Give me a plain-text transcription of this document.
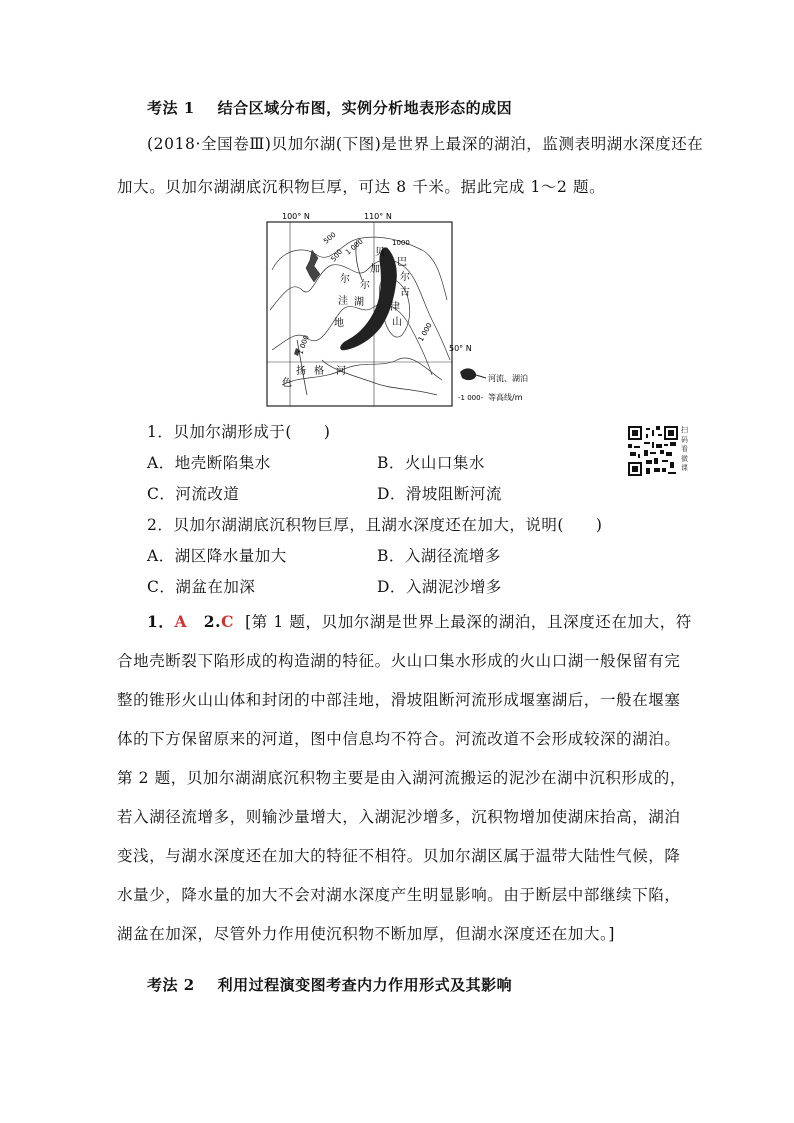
考法 1 结合区域分布图，实例分析地表形态的成因
(2018·全国卷Ⅲ)贝加尔湖(下图)是世界上最深的湖泊，监测表明湖水深度还在
加大。贝加尔湖湖底沉积物巨厚，可达 8 千米。据此完成 1～2 题。
100° N	110° N
50° N
500
500 1 000	1000
1 000
1 000
贝
加
尔
湖
巴
尔
古
津
山
尔
洼
地
扬 格 河
色	河流、湖泊
-1 000- 等高线/m
扫
码
看
微
课
1．贝加尔湖形成于(　　)
A．地壳断陷集水	B．火山口集水
C．河流改道	D．滑坡阻断河流
2．贝加尔湖湖底沉积物巨厚，且湖水深度还在加大，说明(　　)
A．湖区降水量加大	B．入湖径流增多
C．湖盆在加深	D．入湖泥沙增多
1．A 2.C [第 1 题，贝加尔湖是世界上最深的湖泊，且深度还在加大，符
合地壳断裂下陷形成的构造湖的特征。火山口集水形成的火山口湖一般保留有完
整的锥形火山山体和封闭的中部洼地，滑坡阻断河流形成堰塞湖后，一般在堰塞
体的下方保留原来的河道，图中信息均不符合。河流改道不会形成较深的湖泊。
第 2 题，贝加尔湖湖底沉积物主要是由入湖河流搬运的泥沙在湖中沉积形成的，
若入湖径流增多，则输沙量增大，入湖泥沙增多，沉积物增加使湖床抬高，湖泊
变浅，与湖水深度还在加大的特征不相符。贝加尔湖区属于温带大陆性气候，降
水量少，降水量的加大不会对湖水深度产生明显影响。由于断层中部继续下陷，
湖盆在加深，尽管外力作用使沉积物不断加厚，但湖水深度还在加大。]
考法 2 利用过程演变图考查内力作用形式及其影响
